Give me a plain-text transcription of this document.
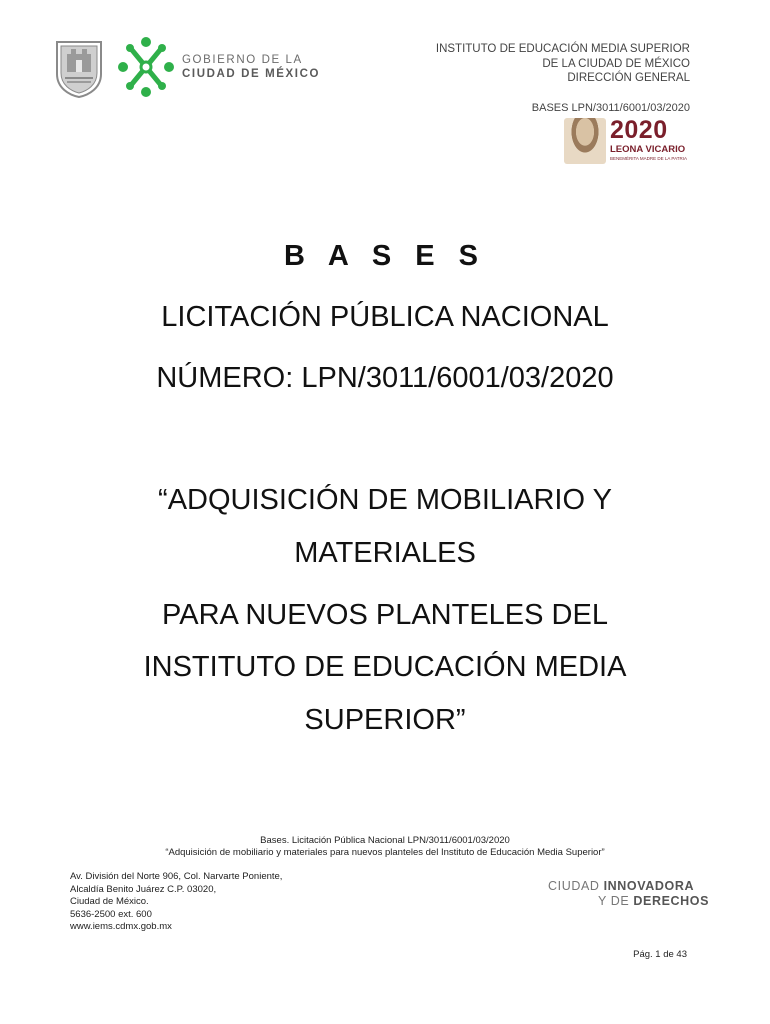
GOBIERNO DE LA
CIUDAD DE MÉXICO
INSTITUTO DE EDUCACIÓN MEDIA SUPERIOR
DE LA CIUDAD DE MÉXICO
DIRECCIÓN GENERAL
BASES LPN/3011/6001/03/2020
2020
LEONA VICARIO
BENEMÉRITA MADRE DE LA PATRIA
B A S E S
LICITACIÓN PÚBLICA NACIONAL
NÚMERO: LPN/3011/6001/03/2020
“ADQUISICIÓN DE MOBILIARIO Y
MATERIALES
PARA NUEVOS PLANTELES DEL
INSTITUTO DE EDUCACIÓN MEDIA
SUPERIOR”
Bases. Licitación Pública Nacional LPN/3011/6001/03/2020
“Adquisición de mobiliario y materiales para nuevos planteles del Instituto de Educación Media Superior”
Av. División del Norte 906, Col. Narvarte Poniente,
Alcaldía Benito Juárez C.P. 03020,
Ciudad de México.
5636-2500 ext. 600
www.iems.cdmx.gob.mx
CIUDAD INNOVADORA
Y DE DERECHOS
Pág. 1 de 43
